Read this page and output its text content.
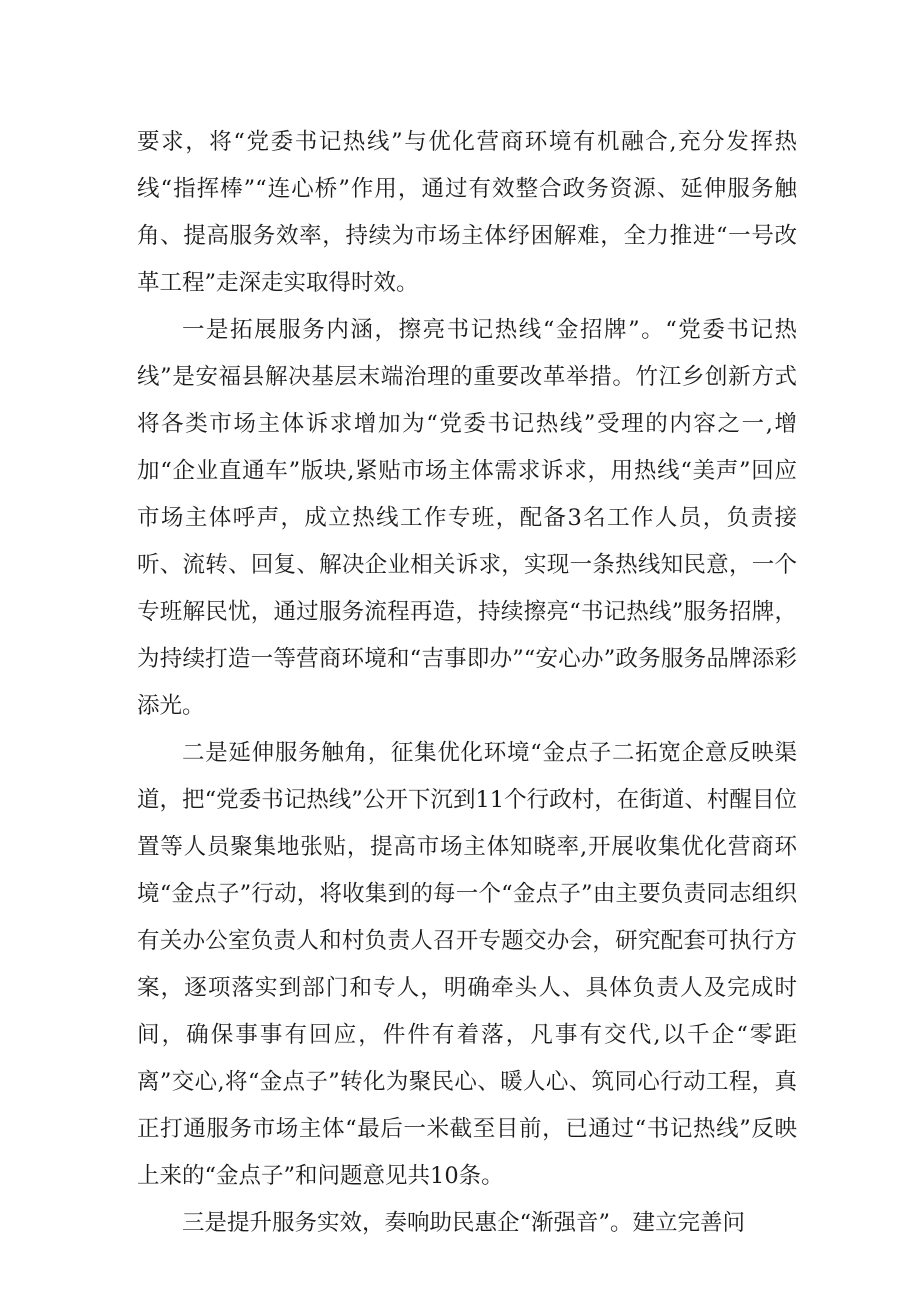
要求，将“党委书记热线”与优化营商环境有机融合,充分发挥热线“指挥棒”“连心桥”作用，通过有效整合政务资源、延伸服务触角、提高服务效率，持续为市场主体纾困解难，全力推进“一号改革工程”走深走实取得时效。

一是拓展服务内涵，擦亮书记热线“金招牌”。“党委书记热线”是安福县解决基层末端治理的重要改革举措。竹江乡创新方式将各类市场主体诉求增加为“党委书记热线”受理的内容之一,增加“企业直通车”版块,紧贴市场主体需求诉求，用热线“美声”回应市场主体呼声，成立热线工作专班，配备3名工作人员，负责接听、流转、回复、解决企业相关诉求，实现一条热线知民意，一个专班解民忧，通过服务流程再造，持续擦亮“书记热线”服务招牌，为持续打造一等营商环境和“吉事即办”“安心办”政务服务品牌添彩添光。

二是延伸服务触角，征集优化环境“金点子二拓宽企意反映渠道，把“党委书记热线”公开下沉到11个行政村，在街道、村醒目位置等人员聚集地张贴，提高市场主体知晓率,开展收集优化营商环境“金点子”行动，将收集到的每一个“金点子”由主要负责同志组织有关办公室负责人和村负责人召开专题交办会，研究配套可执行方案，逐项落实到部门和专人，明确牵头人、具体负责人及完成时间，确保事事有回应，件件有着落，凡事有交代,以千企“零距离”交心,将“金点子”转化为聚民心、暖人心、筑同心行动工程，真正打通服务市场主体“最后一米截至目前，已通过“书记热线”反映上来的“金点子”和问题意见共10条。

三是提升服务实效，奏响助民惠企“渐强音”。建立完善问
